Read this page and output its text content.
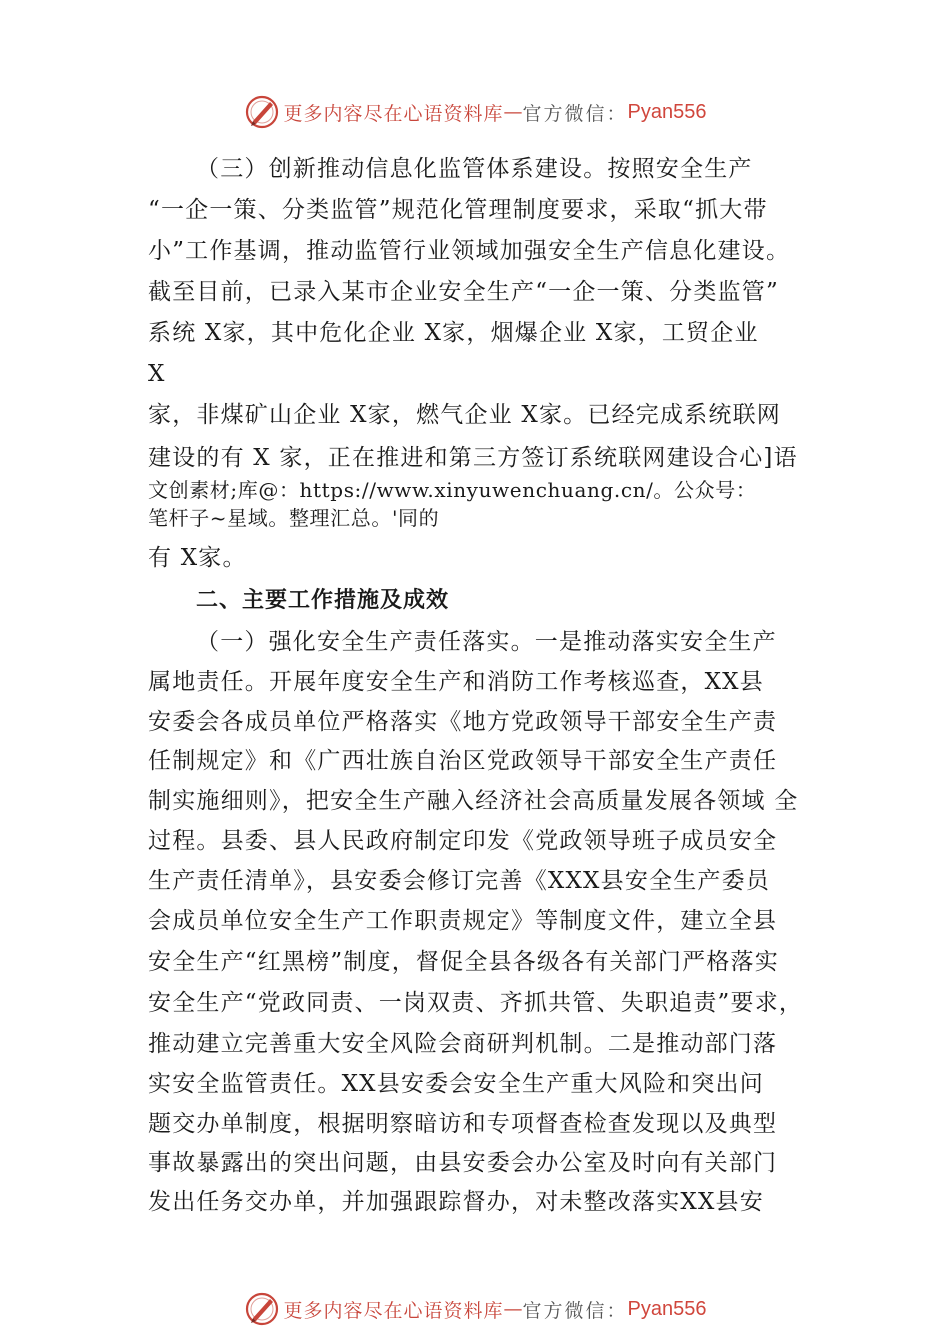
更多内容尽在心语资料库 — 官方微信： Pyan556

（三）创新推动信息化监管体系建设。按照安全生产

“一企一策、分类监管”规范化管理制度要求，采取“抓大带

小”工作基调，推动监管行业领域加强安全生产信息化建设。

截至目前，已录入某市企业安全生产“一企一策、分类监管”

系统 X家，其中危化企业 X家，烟爆企业 X家，工贸企业

X

家，非煤矿山企业 X家，燃气企业 X家。已经完成系统联网

建设的有 X 家，正在推进和第三方签订系统联网建设合心]语

文创素材;库@：https://www.xinyuwenchuang.cn/。公众号：

笔杆子~星域。整理汇总。'同的

有 X家。

二、主要工作措施及成效

（一）强化安全生产责任落实。一是推动落实安全生产

属地责任。开展年度安全生产和消防工作考核巡查，XX县

安委会各成员单位严格落实《地方党政领导干部安全生产责

任制规定》和《广西壮族自治区党政领导干部安全生产责任

制实施细则》，把安全生产融入经济社会高质量发展各领域 全

过程。县委、县人民政府制定印发《党政领导班子成员安全

生产责任清单》，县安委会修订完善《XXX县安全生产委员

会成员单位安全生产工作职责规定》等制度文件，建立全县

安全生产“红黑榜”制度，督促全县各级各有关部门严格落实

安全生产“党政同责、一岗双责、齐抓共管、失职追责”要求，

推动建立完善重大安全风险会商研判机制。二是推动部门落

实安全监管责任。XX县安委会安全生产重大风险和突出问

题交办单制度，根据明察暗访和专项督查检查发现以及典型

事故暴露出的突出问题，由县安委会办公室及时向有关部门

发出任务交办单，并加强跟踪督办，对未整改落实XX县安

更多内容尽在心语资料库 — 官方微信： Pyan556
